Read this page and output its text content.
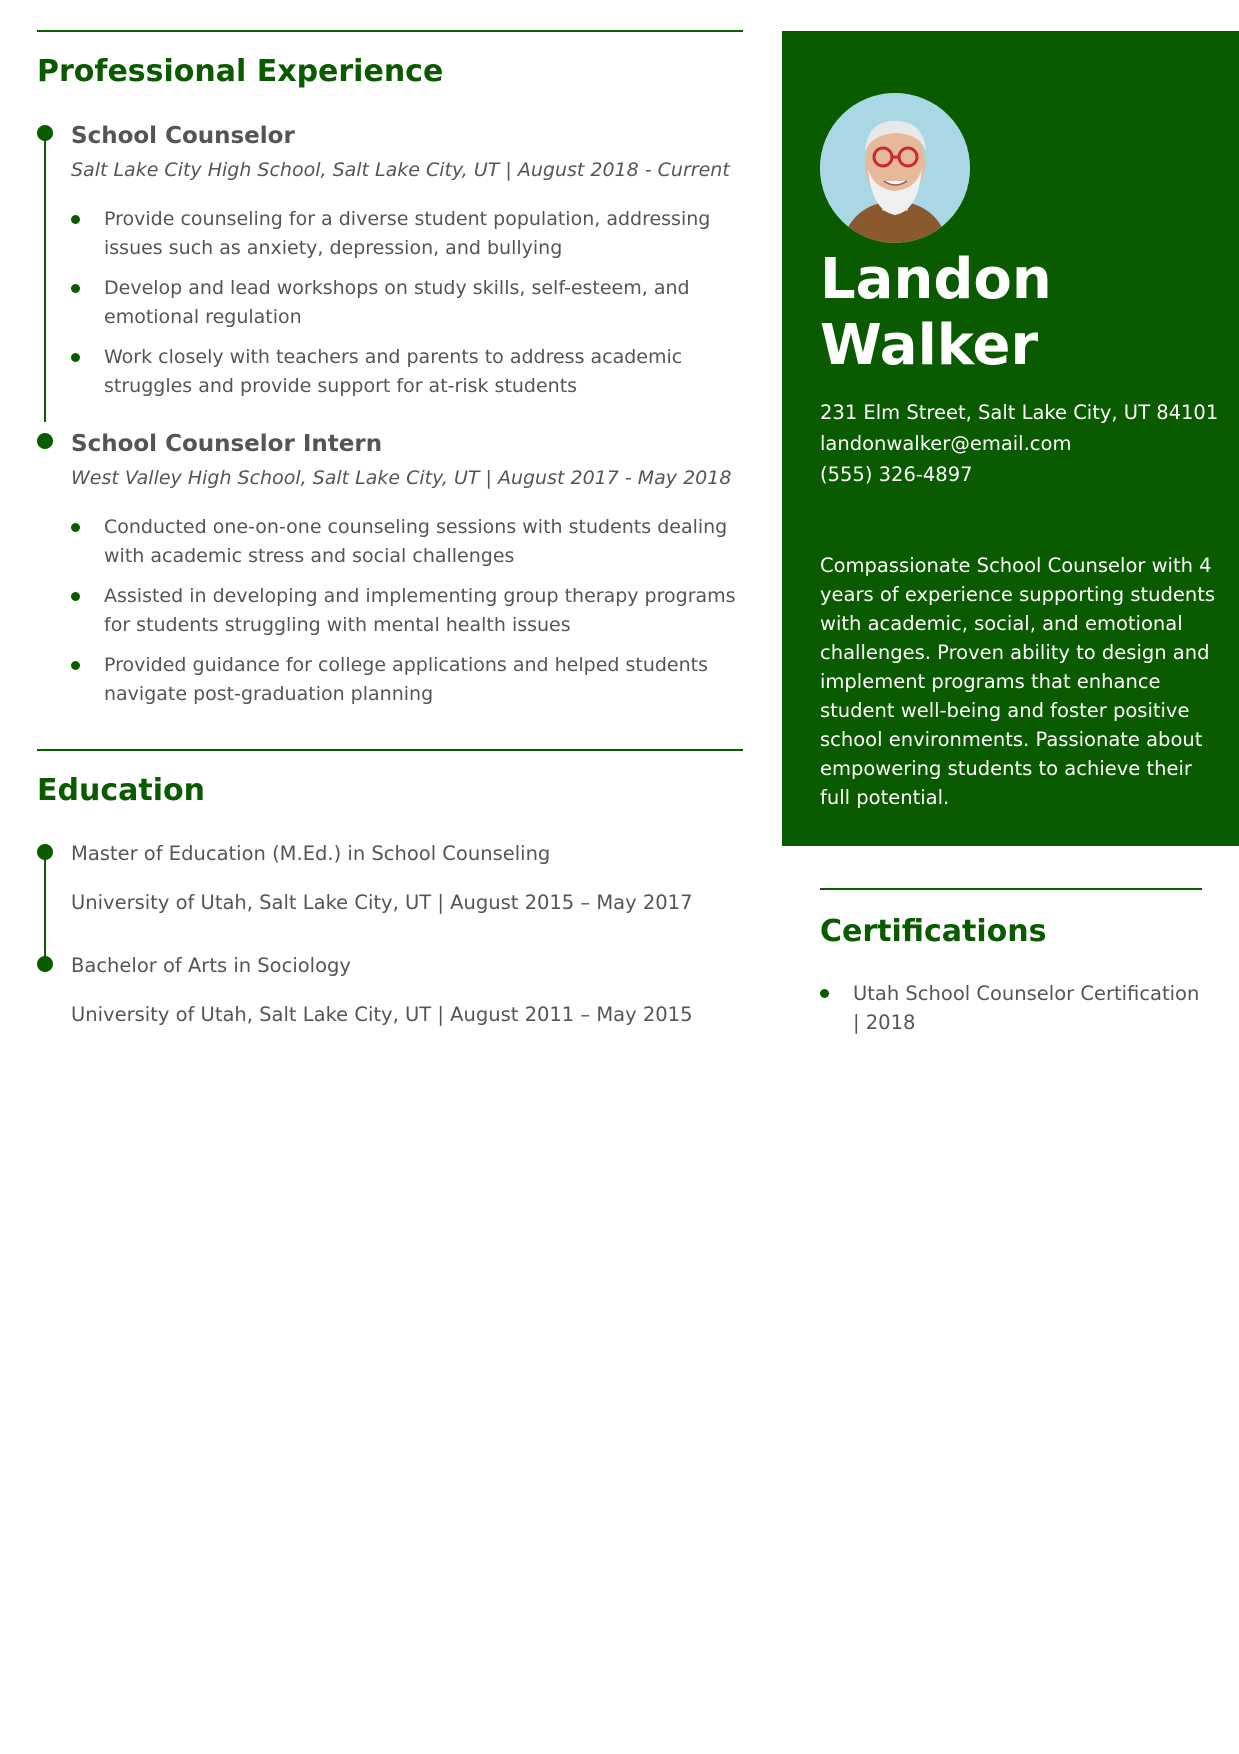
Professional Experience
School Counselor

Salt Lake City High School, Salt Lake City, UT | August 2018 - Current

Provide counseling for a diverse student population, addressing issues such as anxiety, depression, and bullying
Develop and lead workshops on study skills, self-esteem, and emotional regulation
Work closely with teachers and parents to address academic struggles and provide support for at-risk students
School Counselor Intern

West Valley High School, Salt Lake City, UT | August 2017 - May 2018

Conducted one-on-one counseling sessions with students dealing with academic stress and social challenges
Assisted in developing and implementing group therapy programs for students struggling with mental health issues
Provided guidance for college applications and helped students navigate post-graduation planning
Education

Master of Education (M.Ed.) in School Counseling

University of Utah, Salt Lake City, UT | August 2015 – May 2017

Bachelor of Arts in Sociology

University of Utah, Salt Lake City, UT | August 2011 – May 2015

Landon
Walker
231 Elm Street, Salt Lake City, UT 84101
landonwalker@email.com
(555) 326-4897

Compassionate School Counselor with 4 years of experience supporting students with academic, social, and emotional challenges. Proven ability to design and implement programs that enhance student well-being and foster positive school environments. Passionate about empowering students to achieve their full potential.

Certifications
Utah School Counselor Certification | 2018
